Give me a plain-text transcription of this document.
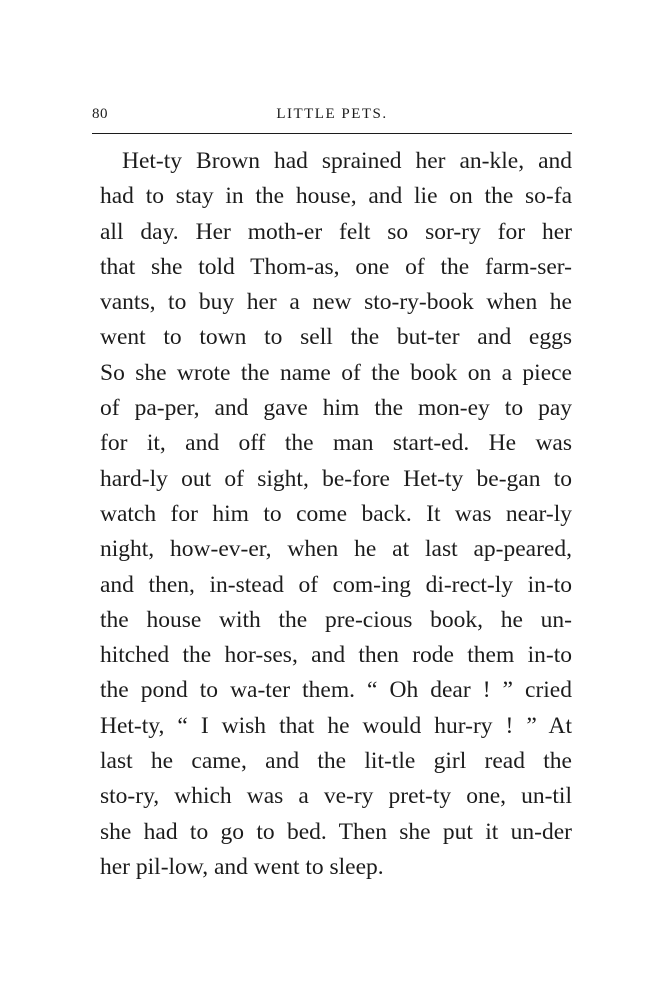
80	LITTLE PETS.
Het-ty Brown had sprained her an-kle, and
had to stay in the house, and lie on the so-fa
all day. Her moth-er felt so sor-ry for her
that she told Thom-as, one of the farm-ser-
vants, to buy her a new sto-ry-book when he
went to town to sell the but-ter and eggs
So she wrote the name of the book on a piece
of pa-per, and gave him the mon-ey to pay
for it, and off the man start-ed. He was
hard-ly out of sight, be-fore Het-ty be-gan to
watch for him to come back. It was near-ly
night, how-ev-er, when he at last ap-peared,
and then, in-stead of com-ing di-rect-ly in-to
the house with the pre-cious book, he un-
hitched the hor-ses, and then rode them in-to
the pond to wa-ter them. “ Oh dear ! ” cried
Het-ty, “ I wish that he would hur-ry ! ” At
last he came, and the lit-tle girl read the
sto-ry, which was a ve-ry pret-ty one, un-til
she had to go to bed. Then she put it un-der
her pil-low, and went to sleep.
